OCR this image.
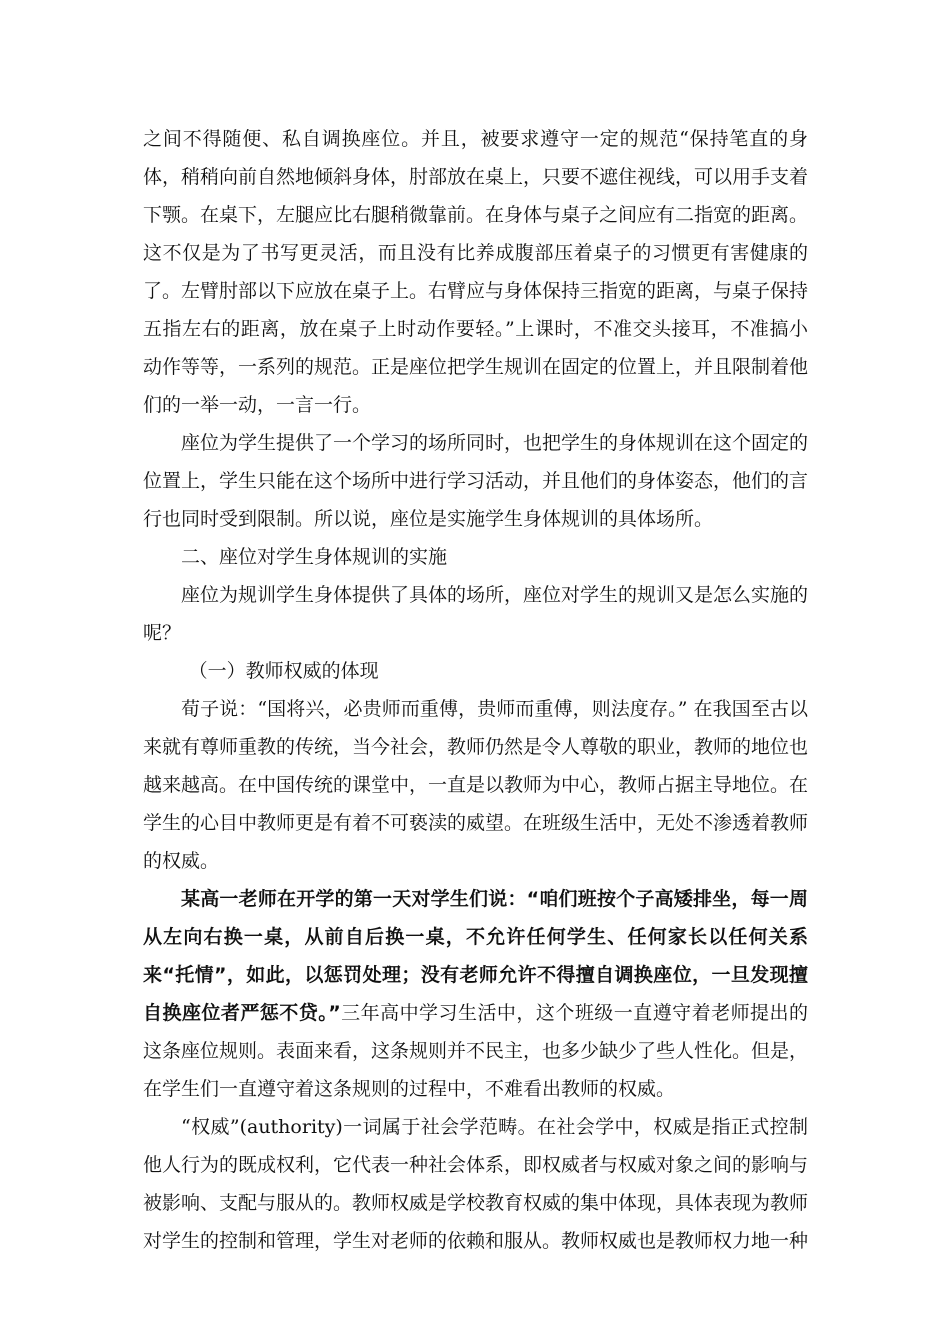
之间不得随便、私自调换座位。并且，被要求遵守一定的规范“保持笔直的身体，稍稍向前自然地倾斜身体，肘部放在桌上，只要不遮住视线，可以用手支着下颚。在桌下，左腿应比右腿稍微靠前。在身体与桌子之间应有二指宽的距离。这不仅是为了书写更灵活，而且没有比养成腹部压着桌子的习惯更有害健康的了。左臂肘部以下应放在桌子上。右臂应与身体保持三指宽的距离，与桌子保持五指左右的距离，放在桌子上时动作要轻。”上课时，不准交头接耳，不准搞小动作等等，一系列的规范。正是座位把学生规训在固定的位置上，并且限制着他们的一举一动，一言一行。

座位为学生提供了一个学习的场所同时，也把学生的身体规训在这个固定的位置上，学生只能在这个场所中进行学习活动，并且他们的身体姿态，他们的言行也同时受到限制。所以说，座位是实施学生身体规训的具体场所。

二、座位对学生身体规训的实施

座位为规训学生身体提供了具体的场所，座位对学生的规训又是怎么实施的呢？

（一）教师权威的体现

荀子说：“国将兴，必贵师而重傅，贵师而重傅，则法度存。” 在我国至古以来就有尊师重教的传统，当今社会，教师仍然是令人尊敬的职业，教师的地位也越来越高。在中国传统的课堂中，一直是以教师为中心，教师占据主导地位。在学生的心目中教师更是有着不可亵渎的威望。在班级生活中，无处不渗透着教师的权威。

某高一老师在开学的第一天对学生们说：“咱们班按个子高矮排坐，每一周从左向右换一桌，从前自后换一桌，不允许任何学生、任何家长以任何关系来“托情”，如此，以惩罚处理；没有老师允许不得擅自调换座位，一旦发现擅自换座位者严惩不贷。”三年高中学习生活中，这个班级一直遵守着老师提出的这条座位规则。表面来看，这条规则并不民主，也多少缺少了些人性化。但是，在学生们一直遵守着这条规则的过程中，不难看出教师的权威。

“权威”(authority)一词属于社会学范畴。在社会学中，权威是指正式控制他人行为的既成权利，它代表一种社会体系，即权威者与权威对象之间的影响与被影响、支配与服从的。教师权威是学校教育权威的集中体现，具体表现为教师对学生的控制和管理，学生对老师的依赖和服从。教师权威也是教师权力地一种
